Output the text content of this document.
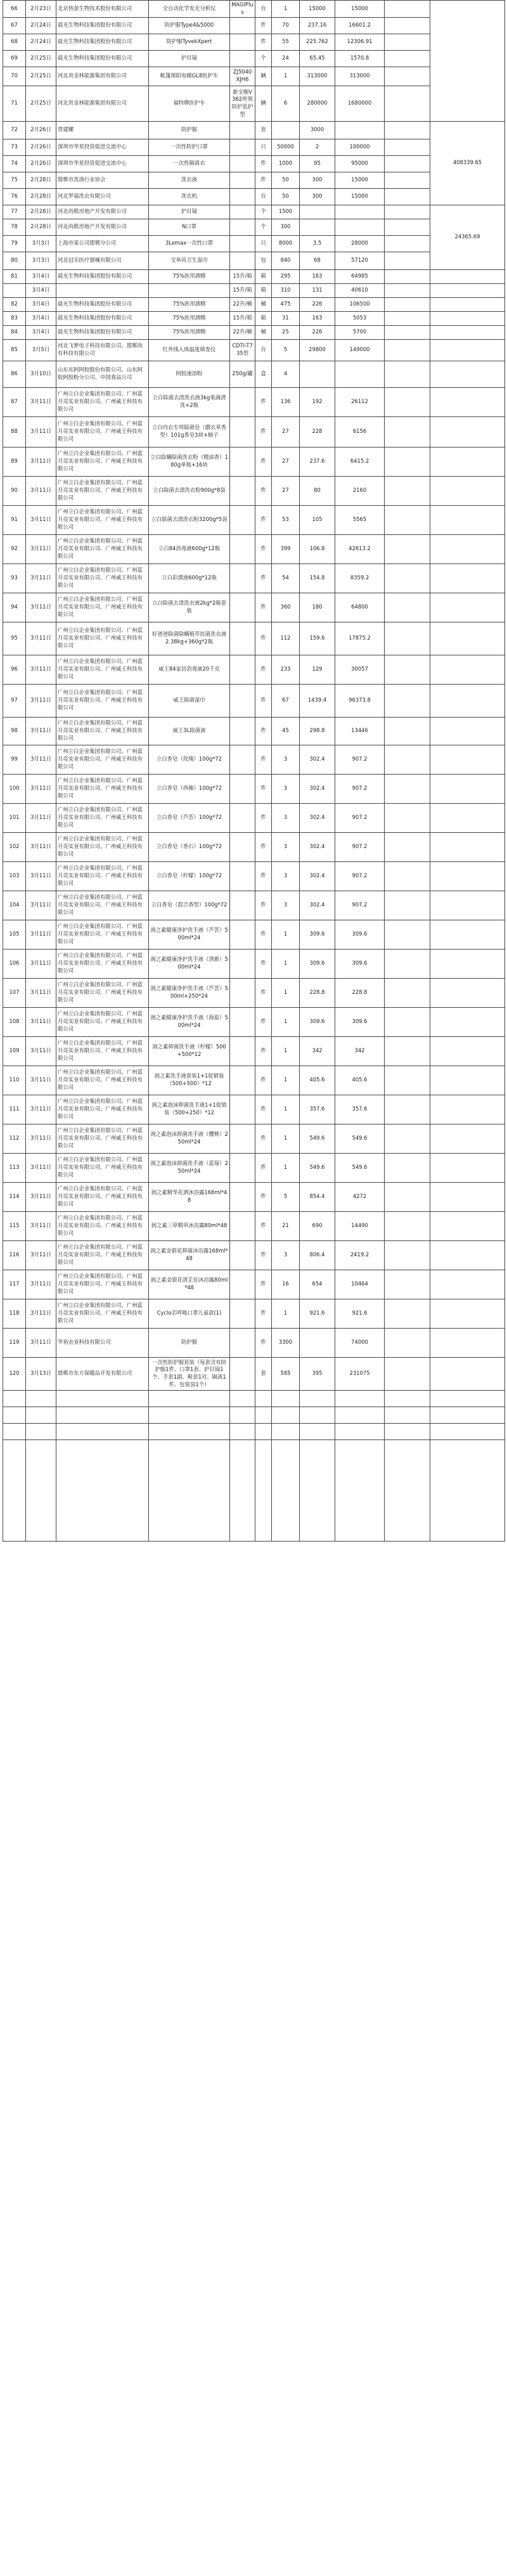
66	2月23日	北京热景生物技术股份有限公司	全自动化学发光分析仪	MAGIPlus	台	1	15000	15000		
67	2月24日	晨光生物科技集团股份有限公司	防护服Type4&5000		件	70	237.16	16601.2		
68	2月24日	晨光生物科技集团股份有限公司	防护服TyvekXpert		件	55	225.762	12306.91		
69	2月25日	晨光生物科技集团股份有限公司	护目镜		个	24	65.45	1570.8		
70	2月25日	河北贵金林能源集团有限公司	帐篷探阳电暖GL8医护车	ZJ5040XJH6	辆	1	313000	313000		
71	2月25日	河北贵金林能源集团有限公司	福特牌医护车	新全顺V362所领防护监护型	辆	6	280000	1680000		
72	2月26日	贾建耀	防护服		套		3000			408339.65
73	2月26日	深圳市华星投资促进交流中心	一次性防护口罩		只	50000	2	100000		
74	2月26日	深圳市华星投资促进交流中心	一次性隔离衣		件	1000	95	95000		
75	2月28日	邯郸市洗涤行业协会	洗衣液		件	50	300	15000		
76	2月28日	河北罗福洗衣有限公司	洗衣机		台	50	300	15000		
77	2月28日	河北尚联房地产开发有限公司	护目镜		个	1500				24365.69
78	2月28日	河北尚联房地产开发有限公司	N口罩		个	300				
79	3月3日	上海市某公司邯郸分公司	3Lemax一次性口罩		只	8000	3.5	28000		
80	3月3日	河北冠乐医疗器械有限公司	宝举芮卫生湿巾		包	840	68	57120		
81	3月4日	晨光生物科技集团股份有限公司	75%医用酒精	15升/箱	箱	295	163	64985		
	3月4日			15升/箱	箱	310	131	40610		
82	3月4日	晨光生物科技集团股份有限公司	75%医用酒精	22升/桶	桶	475	226	106500		
83	3月4日	晨光生物科技集团股份有限公司	75%医用酒精	15升/箱	箱	31	163	5053		
84	3月4日	晨光生物科技集团股份有限公司	75%医用酒精	22升/桶	桶	25	226	5700		
85	3月5日	河北飞梦电子科技有限公司、邯郸尚有科技有限公司	红外线人体温度筛查仪	CDTI-T735型	台	5	29800	149000		
86	3月10日	山东东阿阿胶股份有限公司、山东阿胶阿胶粉分公司、中国食品公司	阿胶速溶粉	250g/罐	盒	4				
87	3月11日	广州立白企业集团有限公司、广州蓝月亮实业有限公司、广州威王科技有限公司	立白除菌去渍洗衣液3kg果蔬清洗+2瓶		件	136	192	26112		
88	3月11日	广州立白企业集团有限公司、广州蓝月亮实业有限公司、广州威王科技有限公司	立白内衣专用除菌皂（蘑衣草香型）101g香皂3块+柚子		件	27	228	6156		
89	3月11日	广州立白企业集团有限公司、广州蓝月亮实业有限公司、广州威王科技有限公司	立白除螨除菌洗衣粉（精油香）180g单瓶+16块		件	27	237.6	6415.2		
90	3月11日	广州立白企业集团有限公司、广州蓝月亮实业有限公司、广州威王科技有限公司	立白除菌去渍洗衣粉900g*8袋		件	27	80	2160		
91	3月11日	广州立白企业集团有限公司、广州蓝月亮实业有限公司、广州威王科技有限公司	立白除菌去渍洗衣粉3200g*5袋		件	53	105	5565		
92	3月11日	广州立白企业集团有限公司、广州蓝月亮实业有限公司、广州威王科技有限公司	立白84消毒液600g*12瓶		件	399	106.8	42613.2		
93	3月11日	广州立白企业集团有限公司、广州蓝月亮实业有限公司、广州威王科技有限公司	立白彩漂液600g*12瓶		件	54	154.8	8359.2		
94	3月11日	广州立白企业集团有限公司、广州蓝月亮实业有限公司、广州威王科技有限公司	立白除菌去渍洗衣液2kg*2瓶套装		件	360	180	64800		
95	3月11日	广州立白企业集团有限公司、广州蓝月亮实业有限公司、广州威王科技有限公司	好爸爸除菌除螨植萃抗菌洗衣液2.38kg+360g*2瓶		件	112	159.6	17875.2		
96	3月11日	广州立白企业集团有限公司、广州蓝月亮实业有限公司、广州威王科技有限公司	威王84家居消毒液20千克		件	233	129	30057		
97	3月11日	广州立白企业集团有限公司、广州蓝月亮实业有限公司、广州威王科技有限公司	威王除菌湿巾		件	67	1439.4	96373.8		
98	3月11日	广州立白企业集团有限公司、广州蓝月亮实业有限公司、广州威王科技有限公司	威王3L除菌液		件	45	298.8	13446		
99	3月11日	广州立白企业集团有限公司、广州蓝月亮实业有限公司、广州威王科技有限公司	立白香皂（玫瑰）100g*72		件	3	302.4	907.2		
100	3月11日	广州立白企业集团有限公司、广州蓝月亮实业有限公司、广州威王科技有限公司	立白香皂（西柚）100g*72		件	3	302.4	907.2		
101	3月11日	广州立白企业集团有限公司、广州蓝月亮实业有限公司、广州威王科技有限公司	立白香皂（芦荟）100g*72		件	3	302.4	907.2		
102	3月11日	广州立白企业集团有限公司、广州蓝月亮实业有限公司、广州威王科技有限公司	立白香皂（香石）100g*72		件	3	302.4	907.2		
103	3月11日	广州立白企业集团有限公司、广州蓝月亮实业有限公司、广州威王科技有限公司	立白香皂（柠檬）100g*72		件	3	302.4	907.2		
104	3月11日	广州立白企业集团有限公司、广州蓝月亮实业有限公司、广州威王科技有限公司	立白香皂（混合香型）100g*72		件	3	302.4	907.2		
105	3月11日	广州立白企业集团有限公司、广州蓝月亮实业有限公司、广州威王科技有限公司	润之素健康净护洗手液（芦荟）500ml*24		件	1	309.6	309.6		
106	3月11日	广州立白企业集团有限公司、广州蓝月亮实业有限公司、广州威王科技有限公司	润之素健康净护洗手液（清新）500ml*24		件	1	309.6	309.6		
107	3月11日	广州立白企业集团有限公司、广州蓝月亮实业有限公司、广州威王科技有限公司	润之素健康净护洗手液（芦荟）500ml+250*24		件	1	228.8	228.8		
108	3月11日	广州立白企业集团有限公司、广州蓝月亮实业有限公司、广州威王科技有限公司	润之素健康净护洗手液（海盐）500ml*24		件	1	309.6	309.6		
109	3月11日	广州立白企业集团有限公司、广州蓝月亮实业有限公司、广州威王科技有限公司	润之素抑菌洗手液（柠檬）500+500*12		件	1	342	342		
110	3月11日	广州立白企业集团有限公司、广州蓝月亮实业有限公司、广州威王科技有限公司	润之素洗手液套装1+1促销装（500+500）*12		件	1	405.6	405.6		
111	3月11日	广州立白企业集团有限公司、广州蓝月亮实业有限公司、广州威王科技有限公司	润之素泡沫抑菌洗手液1+1促销装（500+250）*12		件	1	357.6	357.6		
112	3月11日	广州立白企业集团有限公司、广州蓝月亮实业有限公司、广州威王科技有限公司	润之素泡沫抑菌洗手液（樱桃）250ml*24		件	1	549.6	549.6		
113	3月11日	广州立白企业集团有限公司、广州蓝月亮实业有限公司、广州威王科技有限公司	润之素泡沫抑菌洗手液（蓝莓）250ml*24		件	1	549.6	549.6		
114	3月11日	广州立白企业集团有限公司、广州蓝月亮实业有限公司、广州威王科技有限公司	润之素精华花洒沐浴露168ml*48		件	5	854.4	4272		
115	3月11日	广州立白企业集团有限公司、广州蓝月亮实业有限公司、广州威王科技有限公司	润之素三草精草沐浴露80ml*48		件	21	690	14490		
116	3月11日	广州立白企业集团有限公司、广州蓝月亮实业有限公司、广州威王科技有限公司	润之素金银花抑菌沐浴露168ml*48		件	3	806.4	2419.2		
117	3月11日	广州立白企业集团有限公司、广州蓝月亮实业有限公司、广州威王科技有限公司	润之素金银花清芷佳沐浴露80ml*48		件	16	654	10464		
118	3月11日	广州立白企业集团有限公司、广州蓝月亮实业有限公司、广州威王科技有限公司	Cyclo芯呼吸口罩儿童款(1)		件	1	921.6	921.6		
119	3月11日	华裕农业科技有限公司	防护服		件	3300		74000		
120	3月13日	邯郸市东方保健品开发有限公司	一次性防护服套装（每套含有防护服1件、口罩1套、护目镜1个、手套1副、鞋套1对、隔离1件、包装袋1个）		套	585	395	231075		
